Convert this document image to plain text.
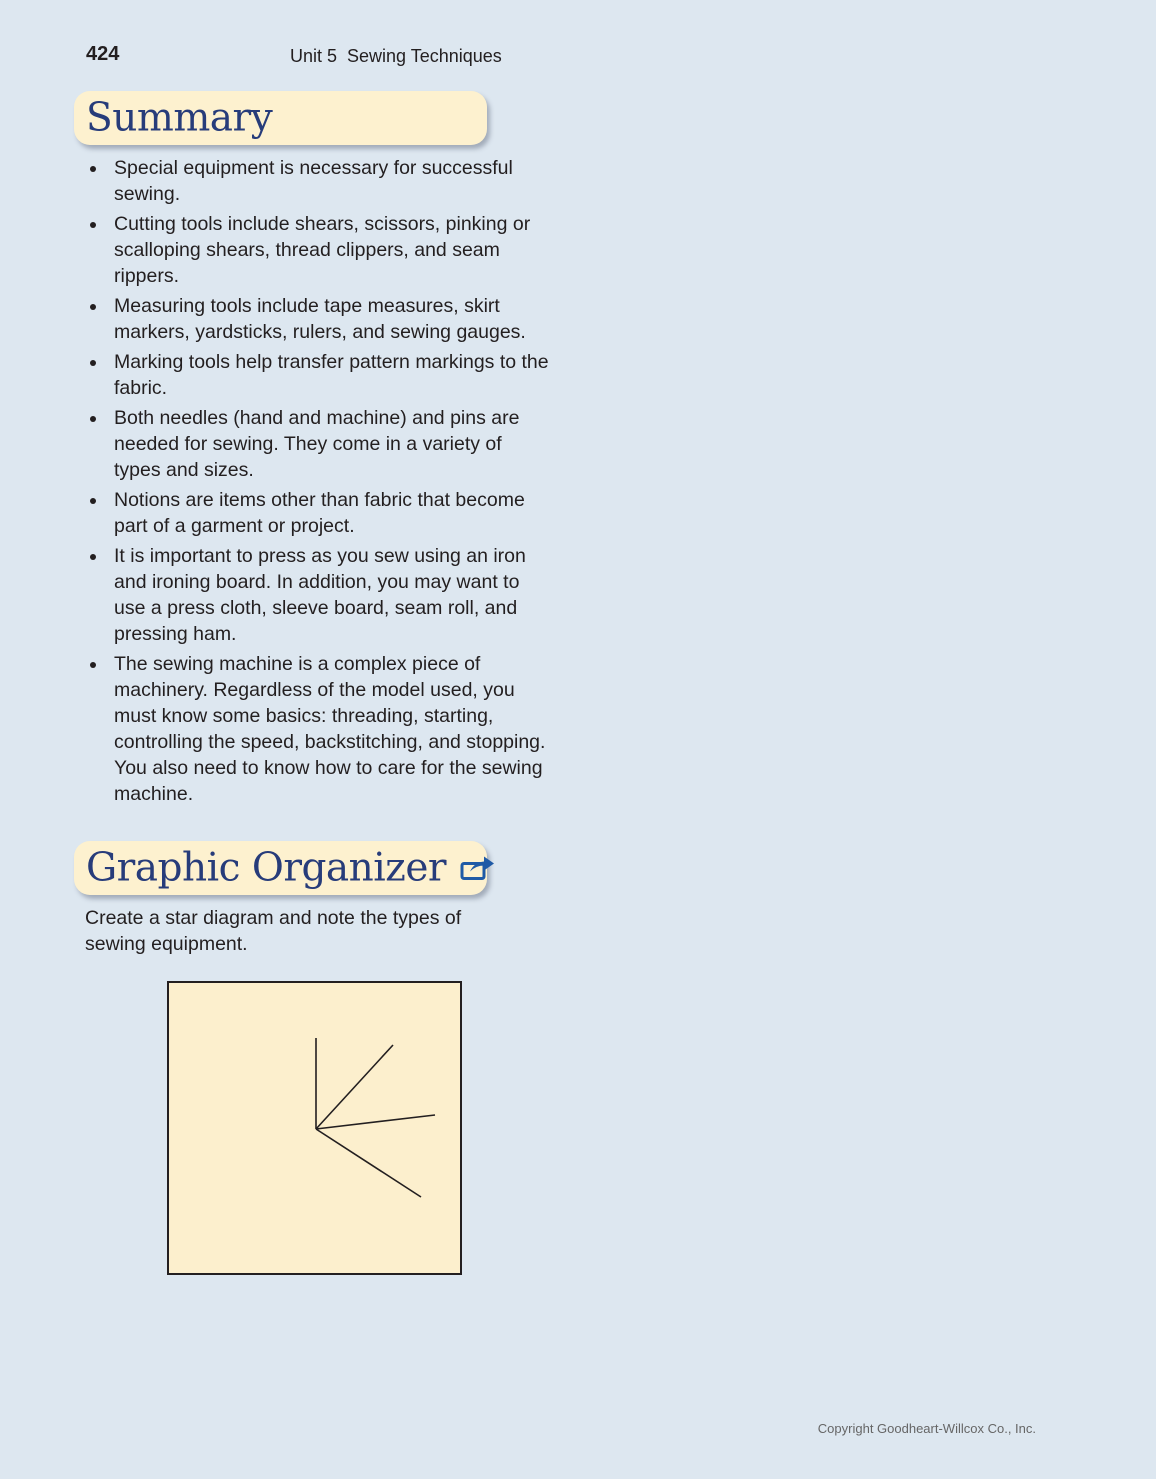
424	Unit 5 Sewing Techniques
Summary
Special equipment is necessary for successful sewing.
Cutting tools include shears, scissors, pinking or scalloping shears, thread clippers, and seam rippers.
Measuring tools include tape measures, skirt markers, yardsticks, rulers, and sewing gauges.
Marking tools help transfer pattern markings to the fabric.
Both needles (hand and machine) and pins are needed for sewing. They come in a variety of types and sizes.
Notions are items other than fabric that become part of a garment or project.
It is important to press as you sew using an iron and ironing board. In addition, you may want to use a press cloth, sleeve board, seam roll, and pressing ham.
The sewing machine is a complex piece of machinery. Regardless of the model used, you must know some basics: threading, starting, controlling the speed, backstitching, and stopping. You also need to know how to care for the sewing machine.
Graphic Organizer
Create a star diagram and note the types of sewing equipment.
Copyright Goodheart-Willcox Co., Inc.
